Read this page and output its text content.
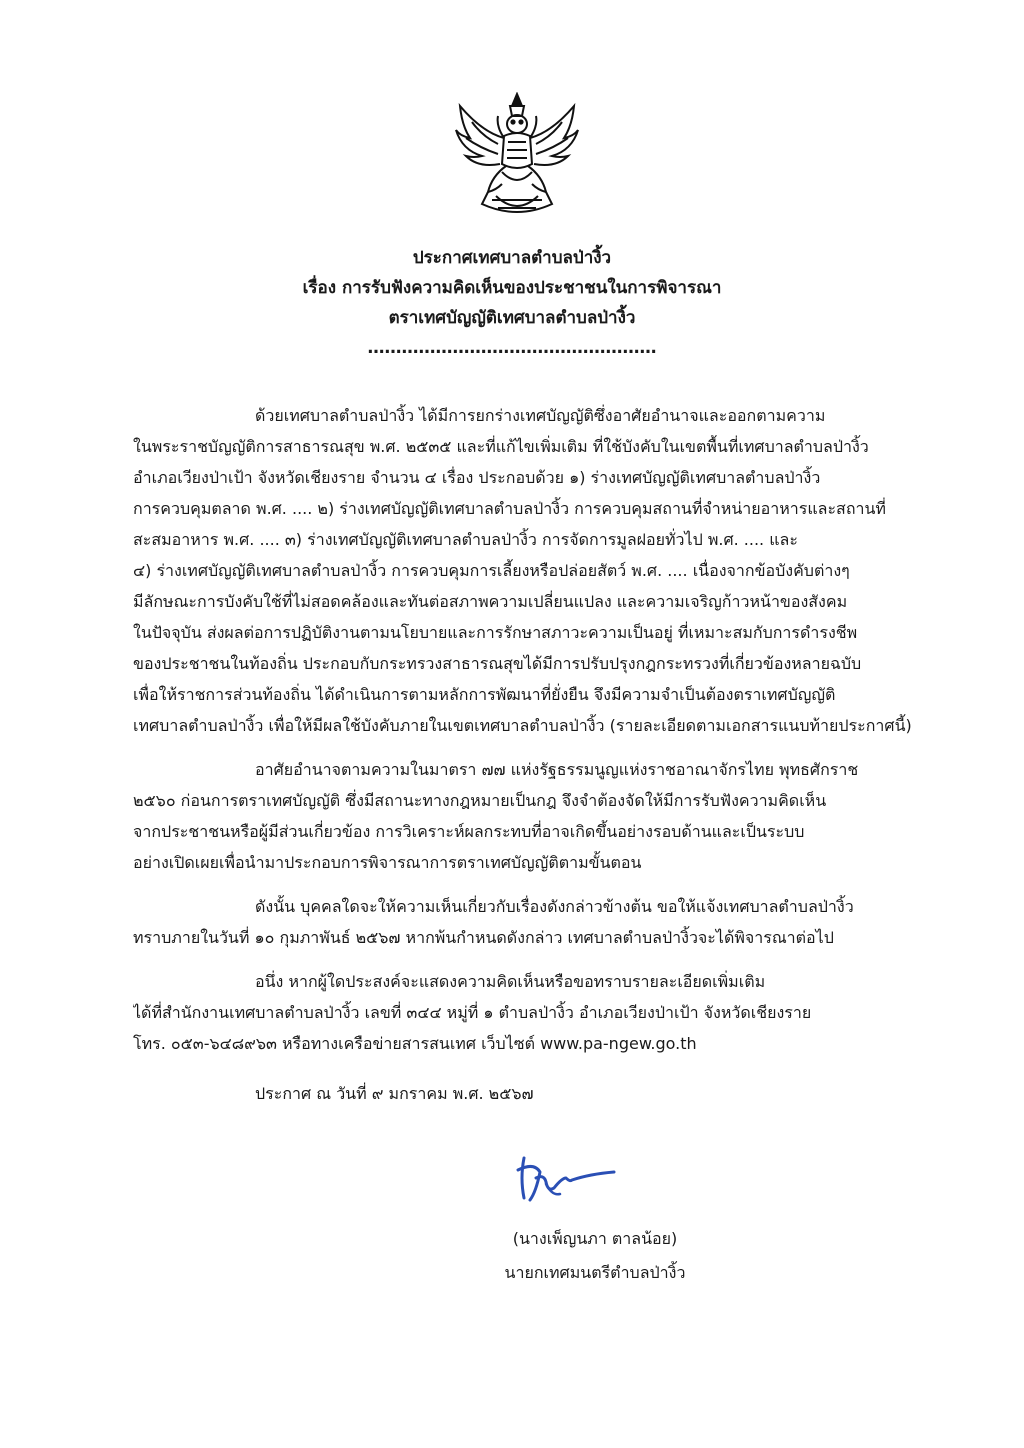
ประกาศเทศบาลตำบลป่างิ้ว
เรื่อง การรับฟังความคิดเห็นของประชาชนในการพิจารณา
ตราเทศบัญญัติเทศบาลตำบลป่างิ้ว
……………………………………………
ด้วยเทศบาลตำบลป่างิ้ว ได้มีการยกร่างเทศบัญญัติซึ่งอาศัยอำนาจและออกตามความ
ในพระราชบัญญัติการสาธารณสุข พ.ศ. ๒๕๓๕ และที่แก้ไขเพิ่มเติม ที่ใช้บังคับในเขตพื้นที่เทศบาลตำบลป่างิ้ว
อำเภอเวียงป่าเป้า จังหวัดเชียงราย จำนวน ๔ เรื่อง ประกอบด้วย ๑) ร่างเทศบัญญัติเทศบาลตำบลป่างิ้ว
การควบคุมตลาด พ.ศ. .... ๒) ร่างเทศบัญญัติเทศบาลตำบลป่างิ้ว การควบคุมสถานที่จำหน่ายอาหารและสถานที่
สะสมอาหาร พ.ศ. .... ๓) ร่างเทศบัญญัติเทศบาลตำบลป่างิ้ว การจัดการมูลฝอยทั่วไป พ.ศ. .... และ
๔) ร่างเทศบัญญัติเทศบาลตำบลป่างิ้ว การควบคุมการเลี้ยงหรือปล่อยสัตว์ พ.ศ. .... เนื่องจากข้อบังคับต่างๆ
มีลักษณะการบังคับใช้ที่ไม่สอดคล้องและทันต่อสภาพความเปลี่ยนแปลง และความเจริญก้าวหน้าของสังคม
ในปัจจุบัน ส่งผลต่อการปฏิบัติงานตามนโยบายและการรักษาสภาวะความเป็นอยู่ ที่เหมาะสมกับการดำรงชีพ
ของประชาชนในท้องถิ่น ประกอบกับกระทรวงสาธารณสุขได้มีการปรับปรุงกฎกระทรวงที่เกี่ยวข้องหลายฉบับ
เพื่อให้ราชการส่วนท้องถิ่น ได้ดำเนินการตามหลักการพัฒนาที่ยั่งยืน จึงมีความจำเป็นต้องตราเทศบัญญัติ
เทศบาลตำบลป่างิ้ว เพื่อให้มีผลใช้บังคับภายในเขตเทศบาลตำบลป่างิ้ว (รายละเอียดตามเอกสารแนบท้ายประกาศนี้)
อาศัยอำนาจตามความในมาตรา ๗๗ แห่งรัฐธรรมนูญแห่งราชอาณาจักรไทย พุทธศักราช
๒๕๖๐ ก่อนการตราเทศบัญญัติ ซึ่งมีสถานะทางกฎหมายเป็นกฎ จึงจำต้องจัดให้มีการรับฟังความคิดเห็น
จากประชาชนหรือผู้มีส่วนเกี่ยวข้อง การวิเคราะห์ผลกระทบที่อาจเกิดขึ้นอย่างรอบด้านและเป็นระบบ
อย่างเปิดเผยเพื่อนำมาประกอบการพิจารณาการตราเทศบัญญัติตามขั้นตอน
ดังนั้น บุคคลใดจะให้ความเห็นเกี่ยวกับเรื่องดังกล่าวข้างต้น ขอให้แจ้งเทศบาลตำบลป่างิ้ว
ทราบภายในวันที่ ๑๐ กุมภาพันธ์ ๒๕๖๗ หากพ้นกำหนดดังกล่าว เทศบาลตำบลป่างิ้วจะได้พิจารณาต่อไป
อนึ่ง หากผู้ใดประสงค์จะแสดงความคิดเห็นหรือขอทราบรายละเอียดเพิ่มเติม
ได้ที่สำนักงานเทศบาลตำบลป่างิ้ว เลขที่ ๓๔๔ หมู่ที่ ๑ ตำบลป่างิ้ว อำเภอเวียงป่าเป้า จังหวัดเชียงราย
โทร. ๐๕๓-๖๔๘๙๖๓ หรือทางเครือข่ายสารสนเทศ เว็บไซต์ www.pa-ngew.go.th
ประกาศ ณ วันที่ ๙ มกราคม พ.ศ. ๒๕๖๗
(นางเพ็ญนภา ตาลน้อย)
นายกเทศมนตรีตำบลป่างิ้ว
